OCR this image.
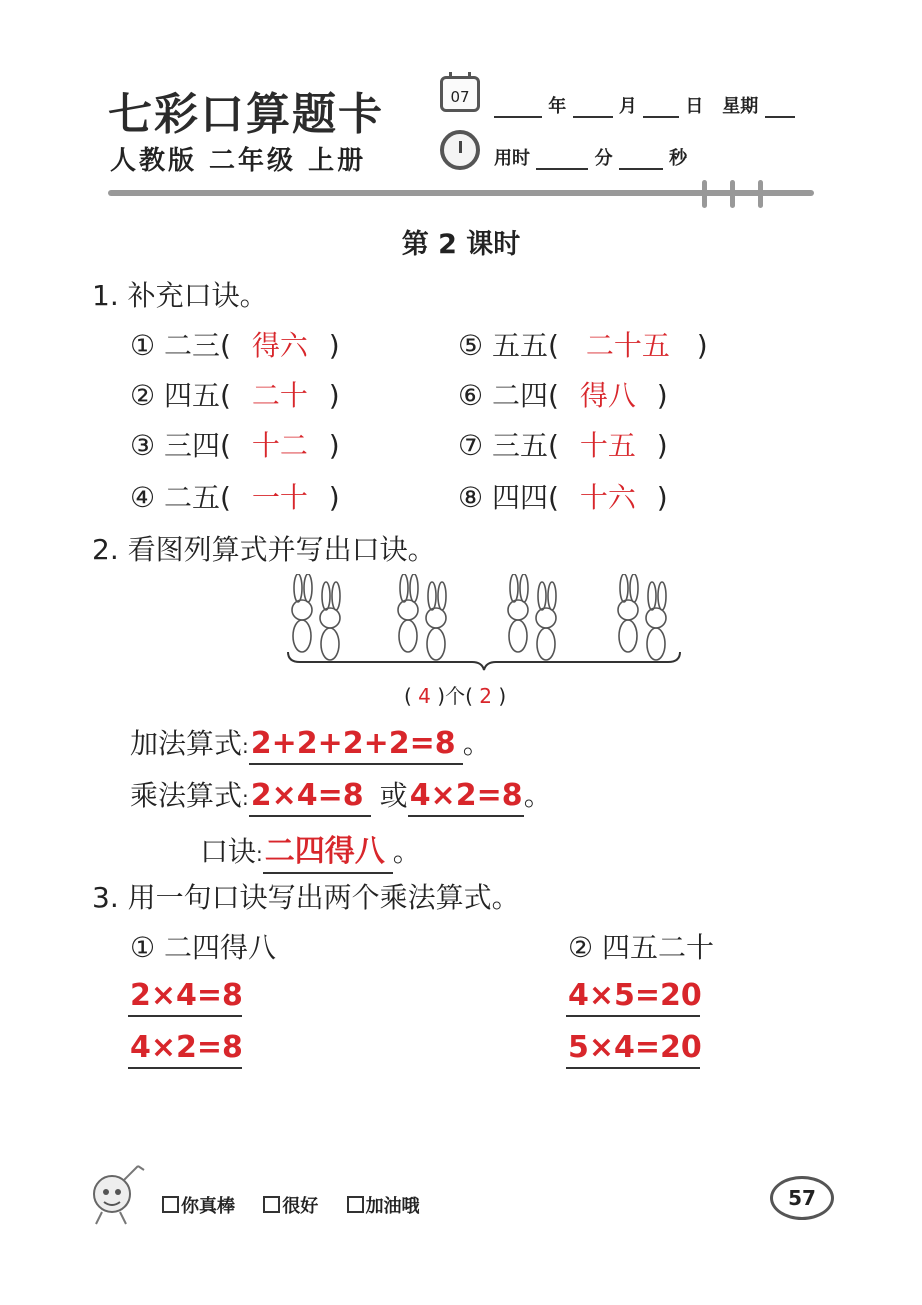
七彩口算题卡
人教版 二年级 上册
07	年	月	日 星期
用时	分	秒
第 2 课时
1. 补充口诀。
① 二三( 得六 )	⑤ 五五( 二十五 )
② 四五( 二十 )	⑥ 二四( 得八 )
③ 三四( 十二 )	⑦ 三五( 十五 )
④ 二五( 一十 )	⑧ 四四( 十六 )
2. 看图列算式并写出口诀。
( 4 )个( 2 )
加法算式:2+2+2+2=8 。
乘法算式:2×4=8 或4×2=8。
口诀:二四得八 。
3. 用一句口诀写出两个乘法算式。
① 二四得八	② 四五二十
2×4=8
4×2=8
4×5=20
5×4=20
你真棒	很好	加油哦	57
